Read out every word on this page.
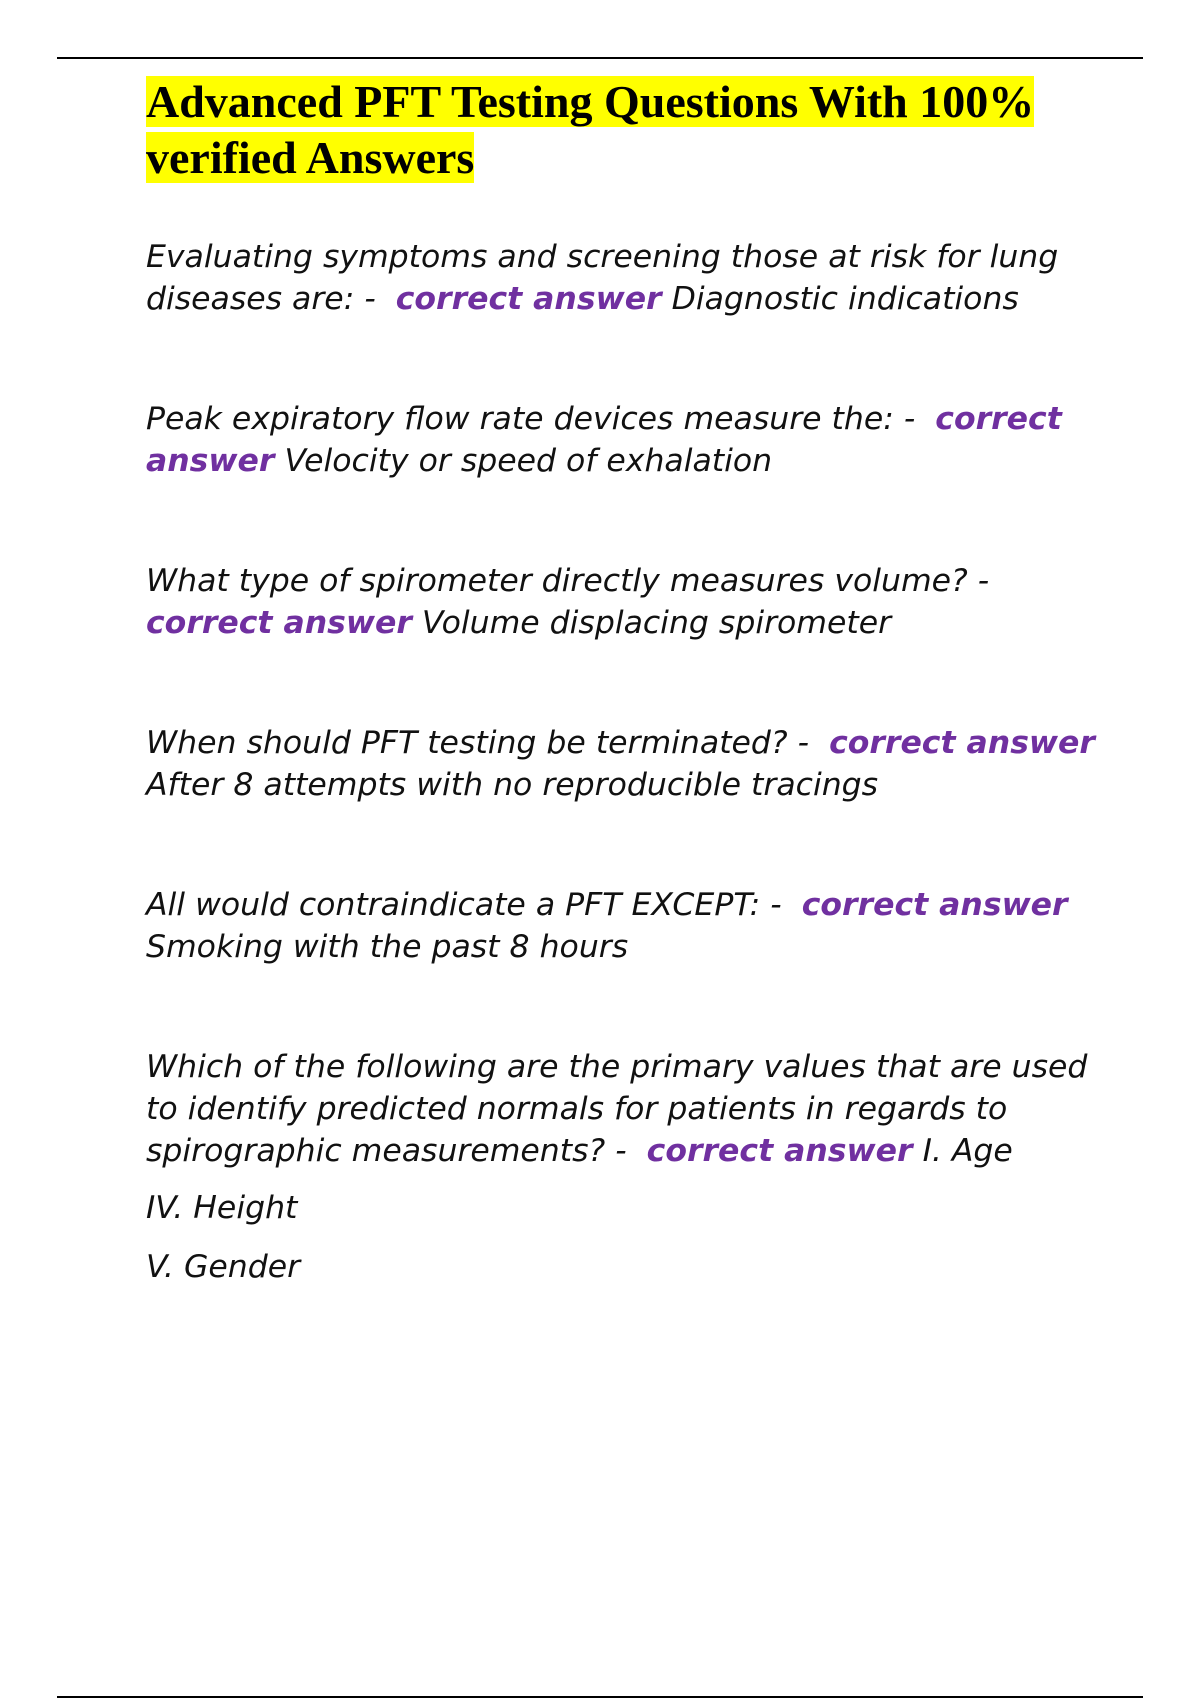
Advanced PFT Testing Questions With 100%
verified Answers

Evaluating symptoms and screening those at risk for lung diseases are: - correct answer Diagnostic indications

Peak expiratory flow rate devices measure the: - correct answer Velocity or speed of exhalation

What type of spirometer directly measures volume? -  correct answer Volume displacing spirometer

When should PFT testing be terminated? - correct answer After 8 attempts with no reproducible tracings

All would contraindicate a PFT EXCEPT: - correct answer Smoking with the past 8 hours

Which of the following are the primary values that are used to identify predicted normals for patients in regards to spirographic measurements? - correct answer I. Age

IV. Height

V. Gender
